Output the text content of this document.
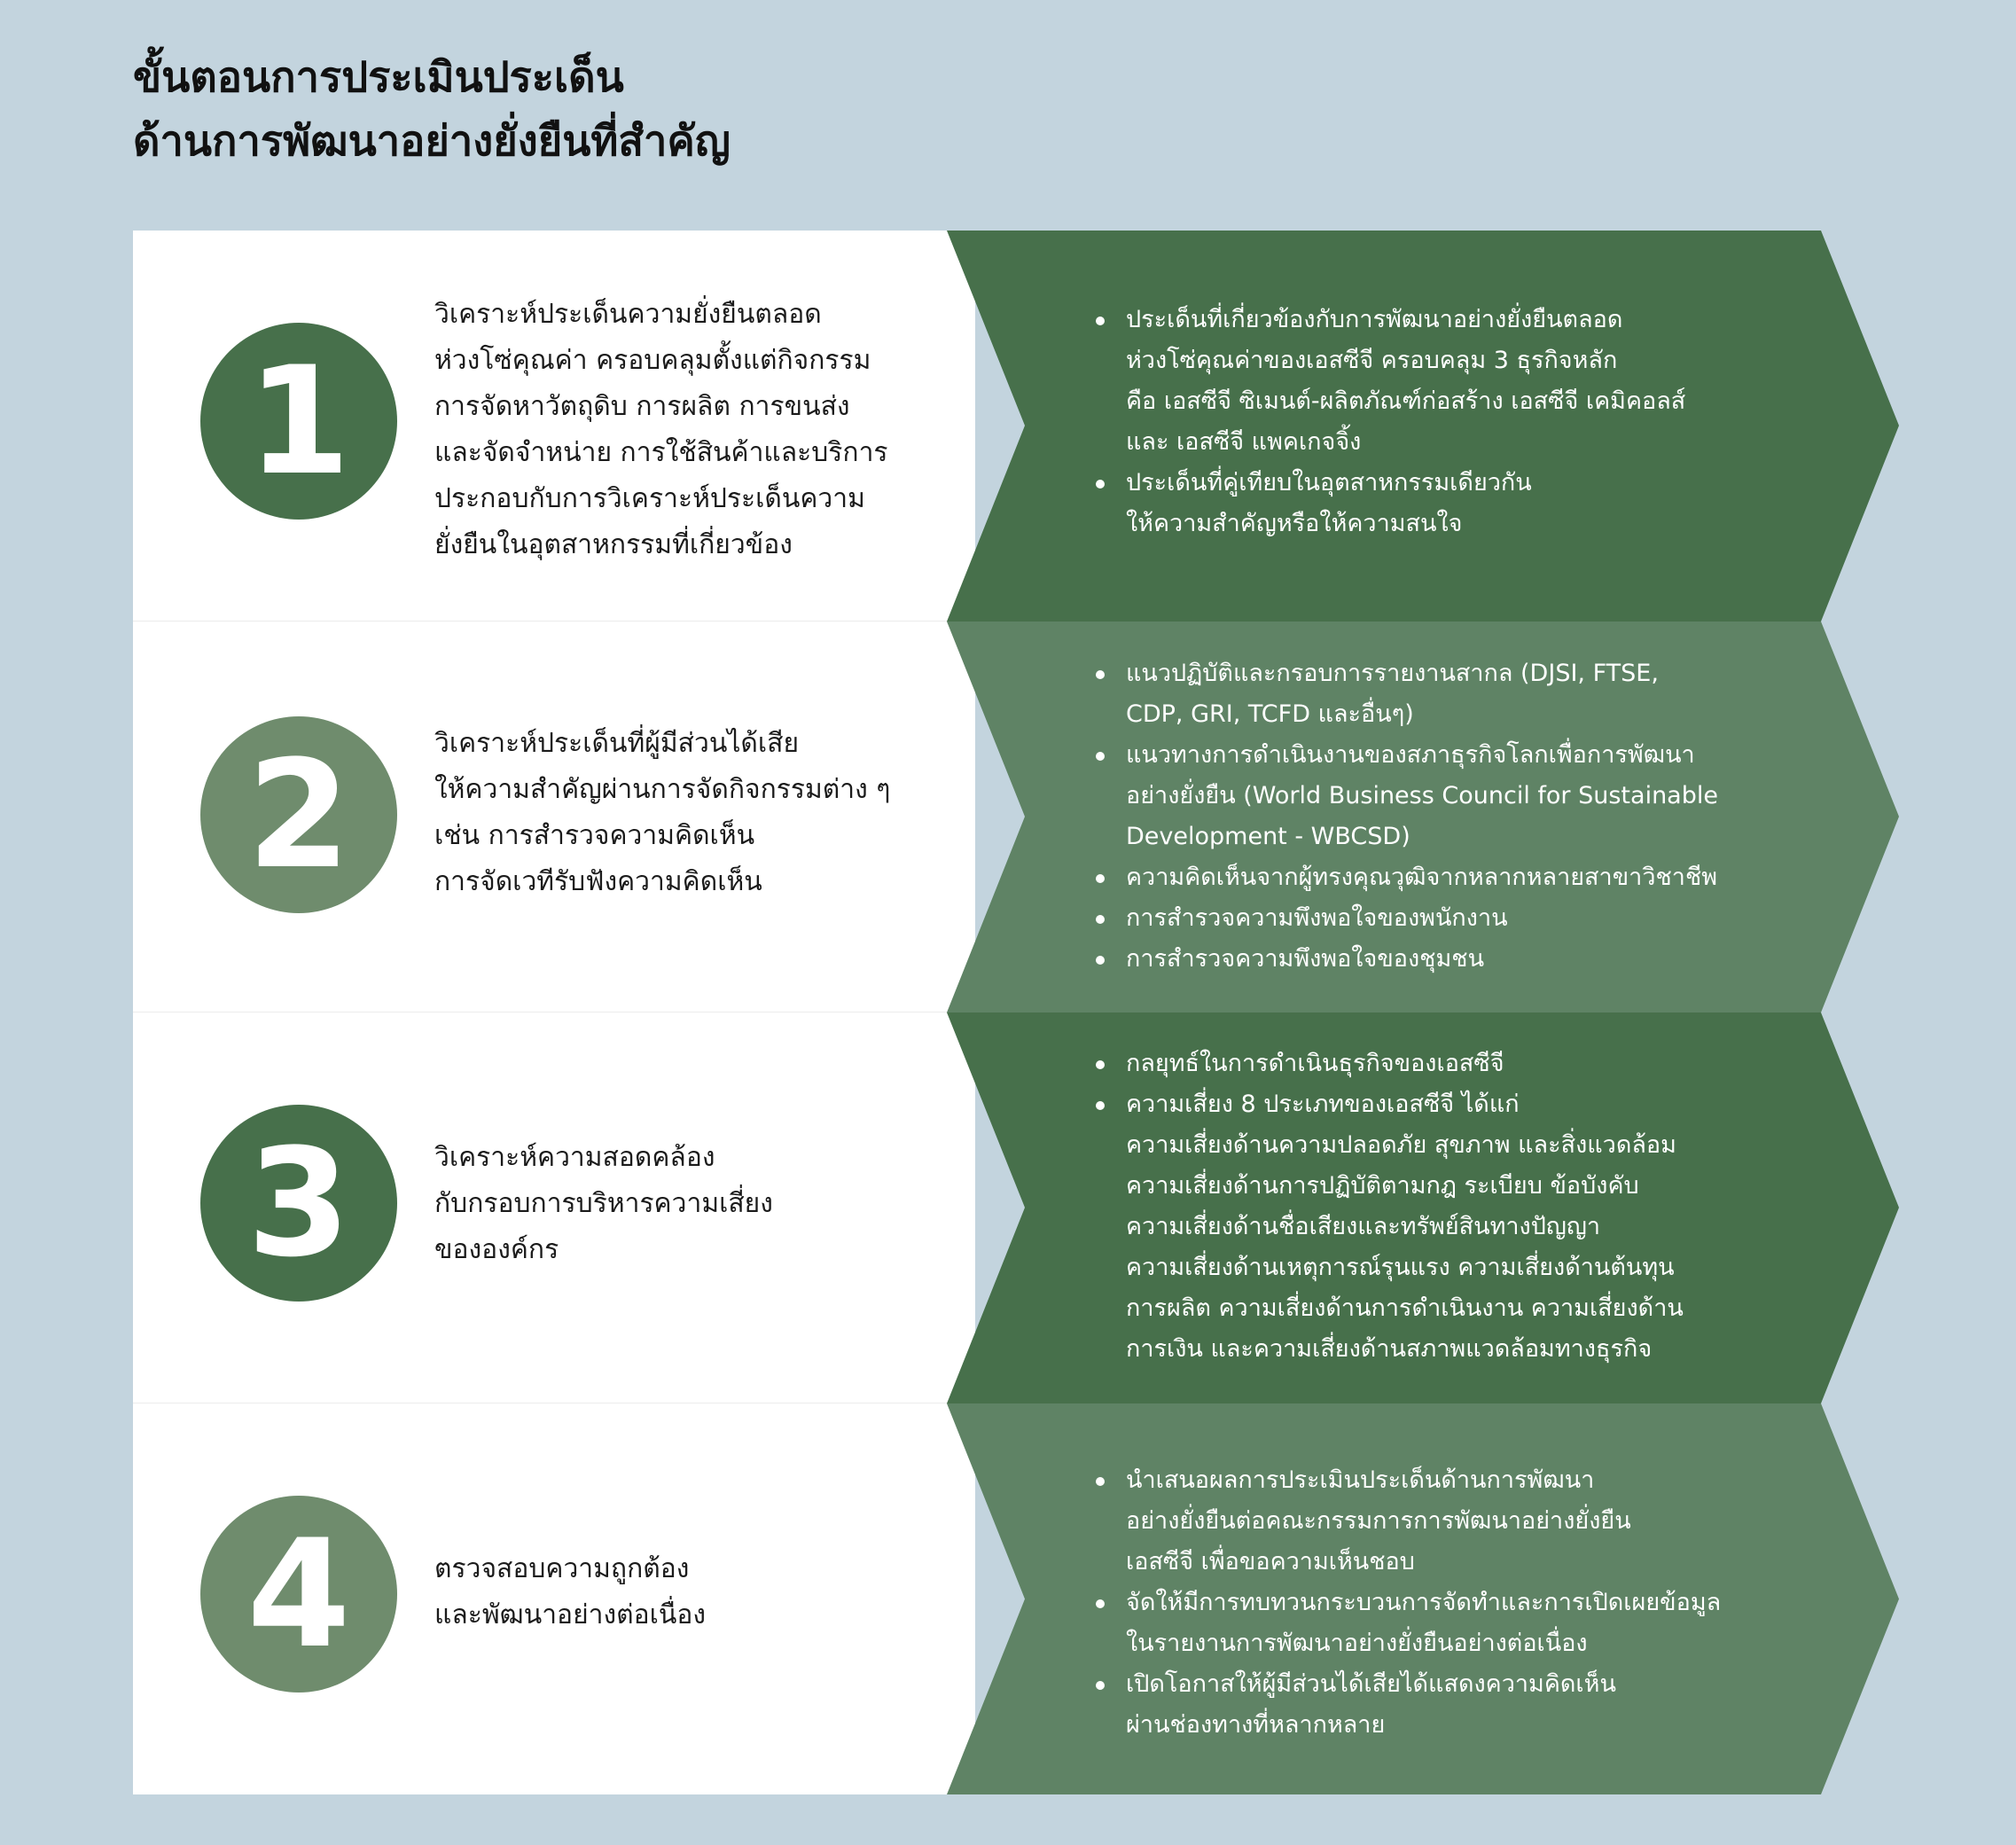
ขั้นตอนการประเมินประเด็น
ด้านการพัฒนาอย่างยั่งยืนที่สำคัญ
1
วิเคราะห์ประเด็นความยั่งยืนตลอด
ห่วงโซ่คุณค่า ครอบคลุมตั้งแต่กิจกรรม
การจัดหาวัตถุดิบ การผลิต การขนส่ง
และจัดจำหน่าย การใช้สินค้าและบริการ
ประกอบกับการวิเคราะห์ประเด็นความ
ยั่งยืนในอุตสาหกรรมที่เกี่ยวข้อง
ประเด็นที่เกี่ยวข้องกับการพัฒนาอย่างยั่งยืนตลอด
ห่วงโซ่คุณค่าของเอสซีจี ครอบคลุม 3 ธุรกิจหลัก
คือ เอสซีจี ซิเมนต์-ผลิตภัณฑ์ก่อสร้าง เอสซีจี เคมิคอลส์
และ เอสซีจี แพคเกจจิ้ง
ประเด็นที่คู่เทียบในอุตสาหกรรมเดียวกัน
ให้ความสำคัญหรือให้ความสนใจ
2	วิเคราะห์ประเด็นที่ผู้มีส่วนได้เสีย
ให้ความสำคัญผ่านการจัดกิจกรรมต่าง ๆ
เช่น การสำรวจความคิดเห็น
การจัดเวทีรับฟังความคิดเห็น
แนวปฏิบัติและกรอบการรายงานสากล (DJSI, FTSE,
CDP, GRI, TCFD และอื่นๆ)
แนวทางการดำเนินงานของสภาธุรกิจโลกเพื่อการพัฒนา
อย่างยั่งยืน (World Business Council for Sustainable
Development - WBCSD)
ความคิดเห็นจากผู้ทรงคุณวุฒิจากหลากหลายสาขาวิชาชีพ
การสำรวจความพึงพอใจของพนักงาน
การสำรวจความพึงพอใจของชุมชน
3	วิเคราะห์ความสอดคล้อง
กับกรอบการบริหารความเสี่ยง
ขององค์กร
กลยุทธ์ในการดำเนินธุรกิจของเอสซีจี
ความเสี่ยง 8 ประเภทของเอสซีจี ได้แก่
ความเสี่ยงด้านความปลอดภัย สุขภาพ และสิ่งแวดล้อม
ความเสี่ยงด้านการปฏิบัติตามกฎ ระเบียบ ข้อบังคับ
ความเสี่ยงด้านชื่อเสียงและทรัพย์สินทางปัญญา
ความเสี่ยงด้านเหตุการณ์รุนแรง ความเสี่ยงด้านต้นทุน
การผลิต ความเสี่ยงด้านการดำเนินงาน ความเสี่ยงด้าน
การเงิน และความเสี่ยงด้านสภาพแวดล้อมทางธุรกิจ
4	ตรวจสอบความถูกต้อง
และพัฒนาอย่างต่อเนื่อง
นำเสนอผลการประเมินประเด็นด้านการพัฒนา
อย่างยั่งยืนต่อคณะกรรมการการพัฒนาอย่างยั่งยืน
เอสซีจี เพื่อขอความเห็นชอบ
จัดให้มีการทบทวนกระบวนการจัดทำและการเปิดเผยข้อมูล
ในรายงานการพัฒนาอย่างยั่งยืนอย่างต่อเนื่อง
เปิดโอกาสให้ผู้มีส่วนได้เสียได้แสดงความคิดเห็น
ผ่านช่องทางที่หลากหลาย
